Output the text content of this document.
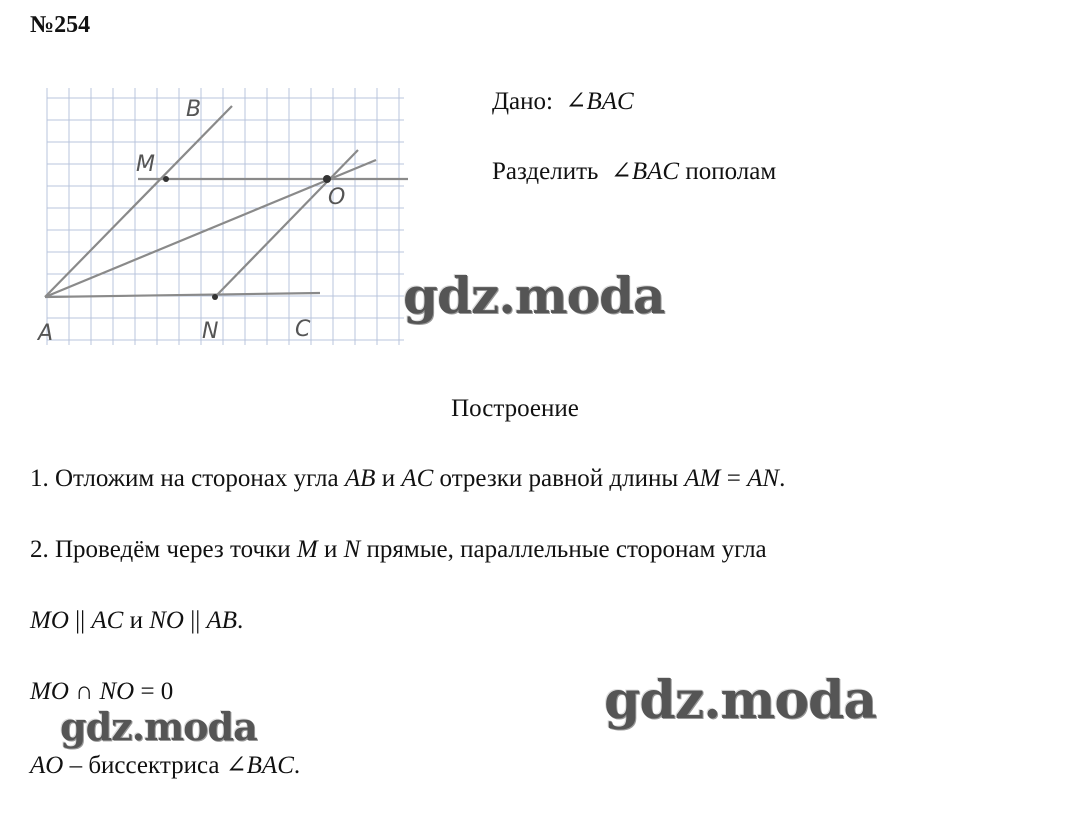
№254
B
M
O
A	N	C
Дано: ∠BAC
Разделить ∠BAC пополам
gdz.moda
Построение
1. Отложим на сторонах угла AB и AC отрезки равной длины AM = AN.
2. Проведём через точки M и N прямые, параллельные сторонам угла
MO || AC и NO || AB.
MO ∩ NO = 0
gdz.moda	gdz.moda
AO – биссектриса ∠BAC.
